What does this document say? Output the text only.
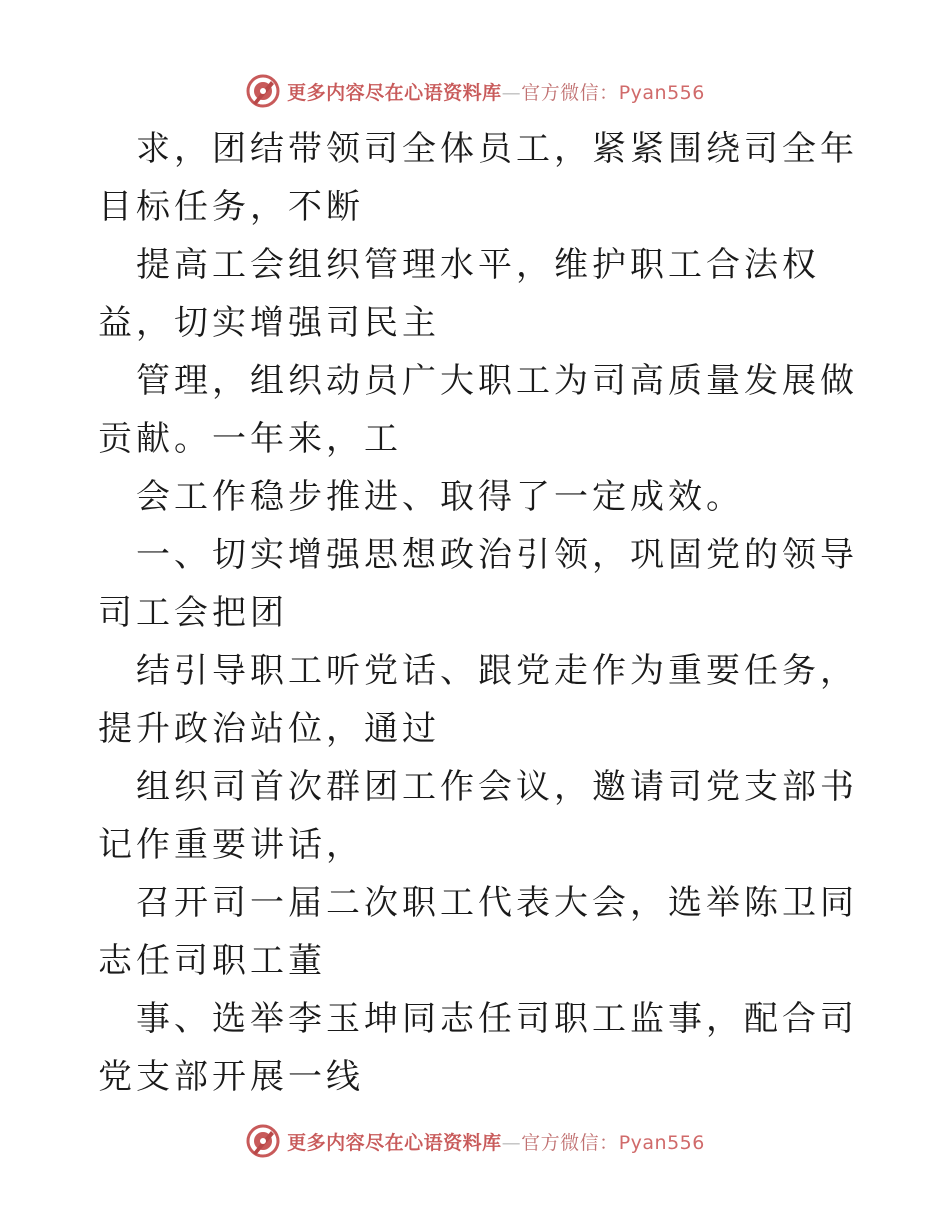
更多内容尽在心语资料库—官方微信：Pyan556

求，团结带领司全体员工，紧紧围绕司全年目标任务，不断

提高工会组织管理水平，维护职工合法权益，切实增强司民主

管理，组织动员广大职工为司高质量发展做贡献。一年来，工

会工作稳步推进、取得了一定成效。

一、切实增强思想政治引领，巩固党的领导　司工会把团

结引导职工听党话、跟党走作为重要任务，提升政治站位，通过

组织司首次群团工作会议，邀请司党支部书记作重要讲话，

召开司一届二次职工代表大会，选举陈卫同志任司职工董

事、选举李玉坤同志任司职工监事，配合司党支部开展一线

更多内容尽在心语资料库—官方微信：Pyan556
